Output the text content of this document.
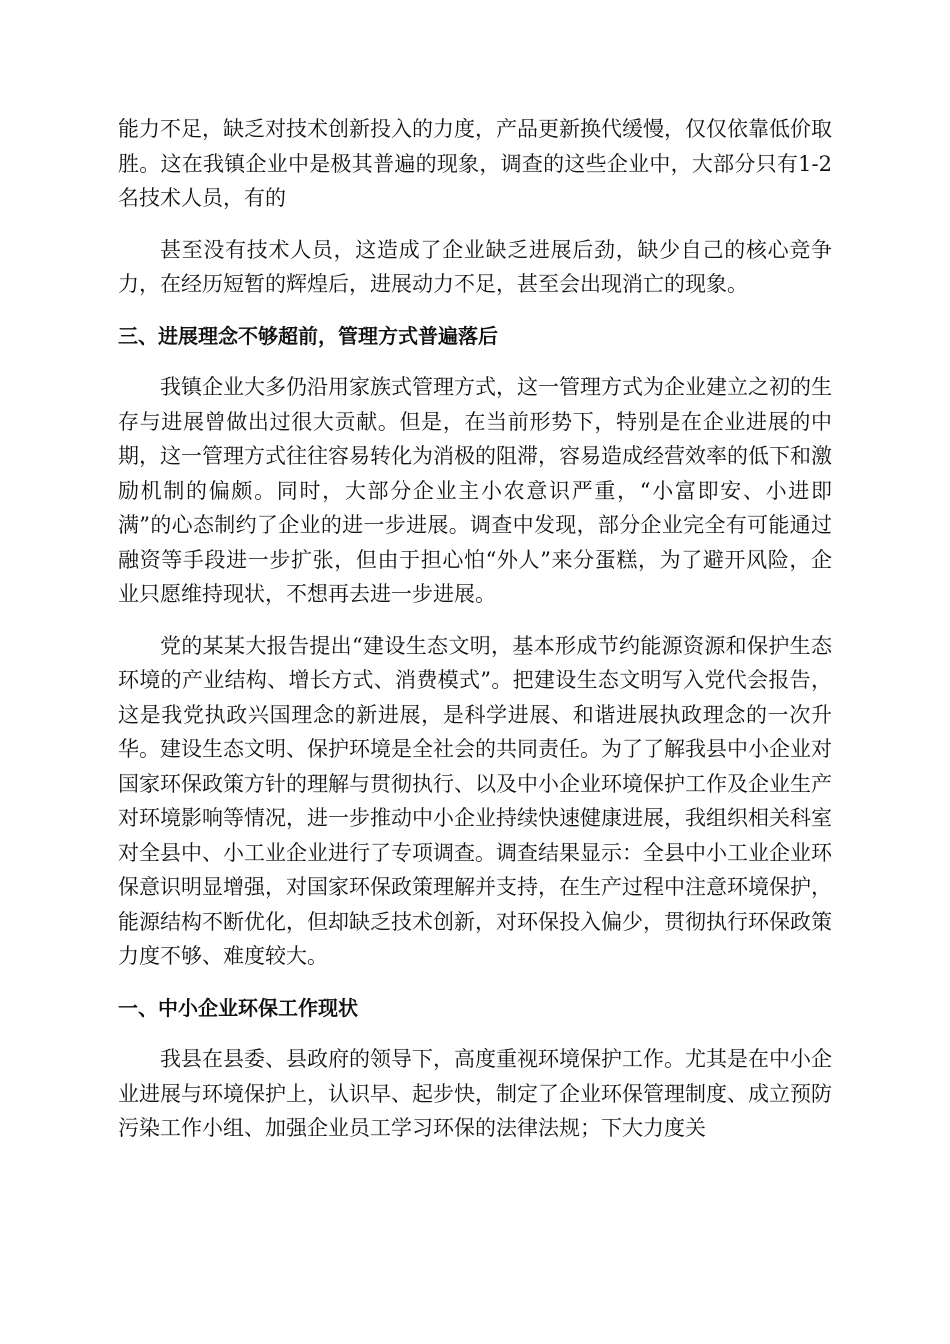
能力不足，缺乏对技术创新投入的力度，产品更新换代缓慢，仅仅依靠低价取胜。这在我镇企业中是极其普遍的现象，调查的这些企业中，大部分只有1-2名技术人员，有的

甚至没有技术人员，这造成了企业缺乏进展后劲，缺少自己的核心竞争力，在经历短暂的辉煌后，进展动力不足，甚至会出现消亡的现象。

三、进展理念不够超前，管理方式普遍落后

我镇企业大多仍沿用家族式管理方式，这一管理方式为企业建立之初的生存与进展曾做出过很大贡献。但是，在当前形势下，特别是在企业进展的中期，这一管理方式往往容易转化为消极的阻滞，容易造成经营效率的低下和激励机制的偏颇。同时，大部分企业主小农意识严重，“小富即安、小进即满”的心态制约了企业的进一步进展。调查中发现，部分企业完全有可能通过融资等手段进一步扩张，但由于担心怕“外人”来分蛋糕，为了避开风险，企业只愿维持现状，不想再去进一步进展。

党的某某大报告提出“建设生态文明，基本形成节约能源资源和保护生态环境的产业结构、增长方式、消费模式”。把建设生态文明写入党代会报告，这是我党执政兴国理念的新进展，是科学进展、和谐进展执政理念的一次升华。建设生态文明、保护环境是全社会的共同责任。为了了解我县中小企业对国家环保政策方针的理解与贯彻执行、以及中小企业环境保护工作及企业生产对环境影响等情况，进一步推动中小企业持续快速健康进展，我组织相关科室对全县中、小工业企业进行了专项调查。调查结果显示：全县中小工业企业环保意识明显增强，对国家环保政策理解并支持，在生产过程中注意环境保护，能源结构不断优化，但却缺乏技术创新，对环保投入偏少，贯彻执行环保政策力度不够、难度较大。

一、中小企业环保工作现状

我县在县委、县政府的领导下，高度重视环境保护工作。尤其是在中小企业进展与环境保护上，认识早、起步快，制定了企业环保管理制度、成立预防污染工作小组、加强企业员工学习环保的法律法规；下大力度关
